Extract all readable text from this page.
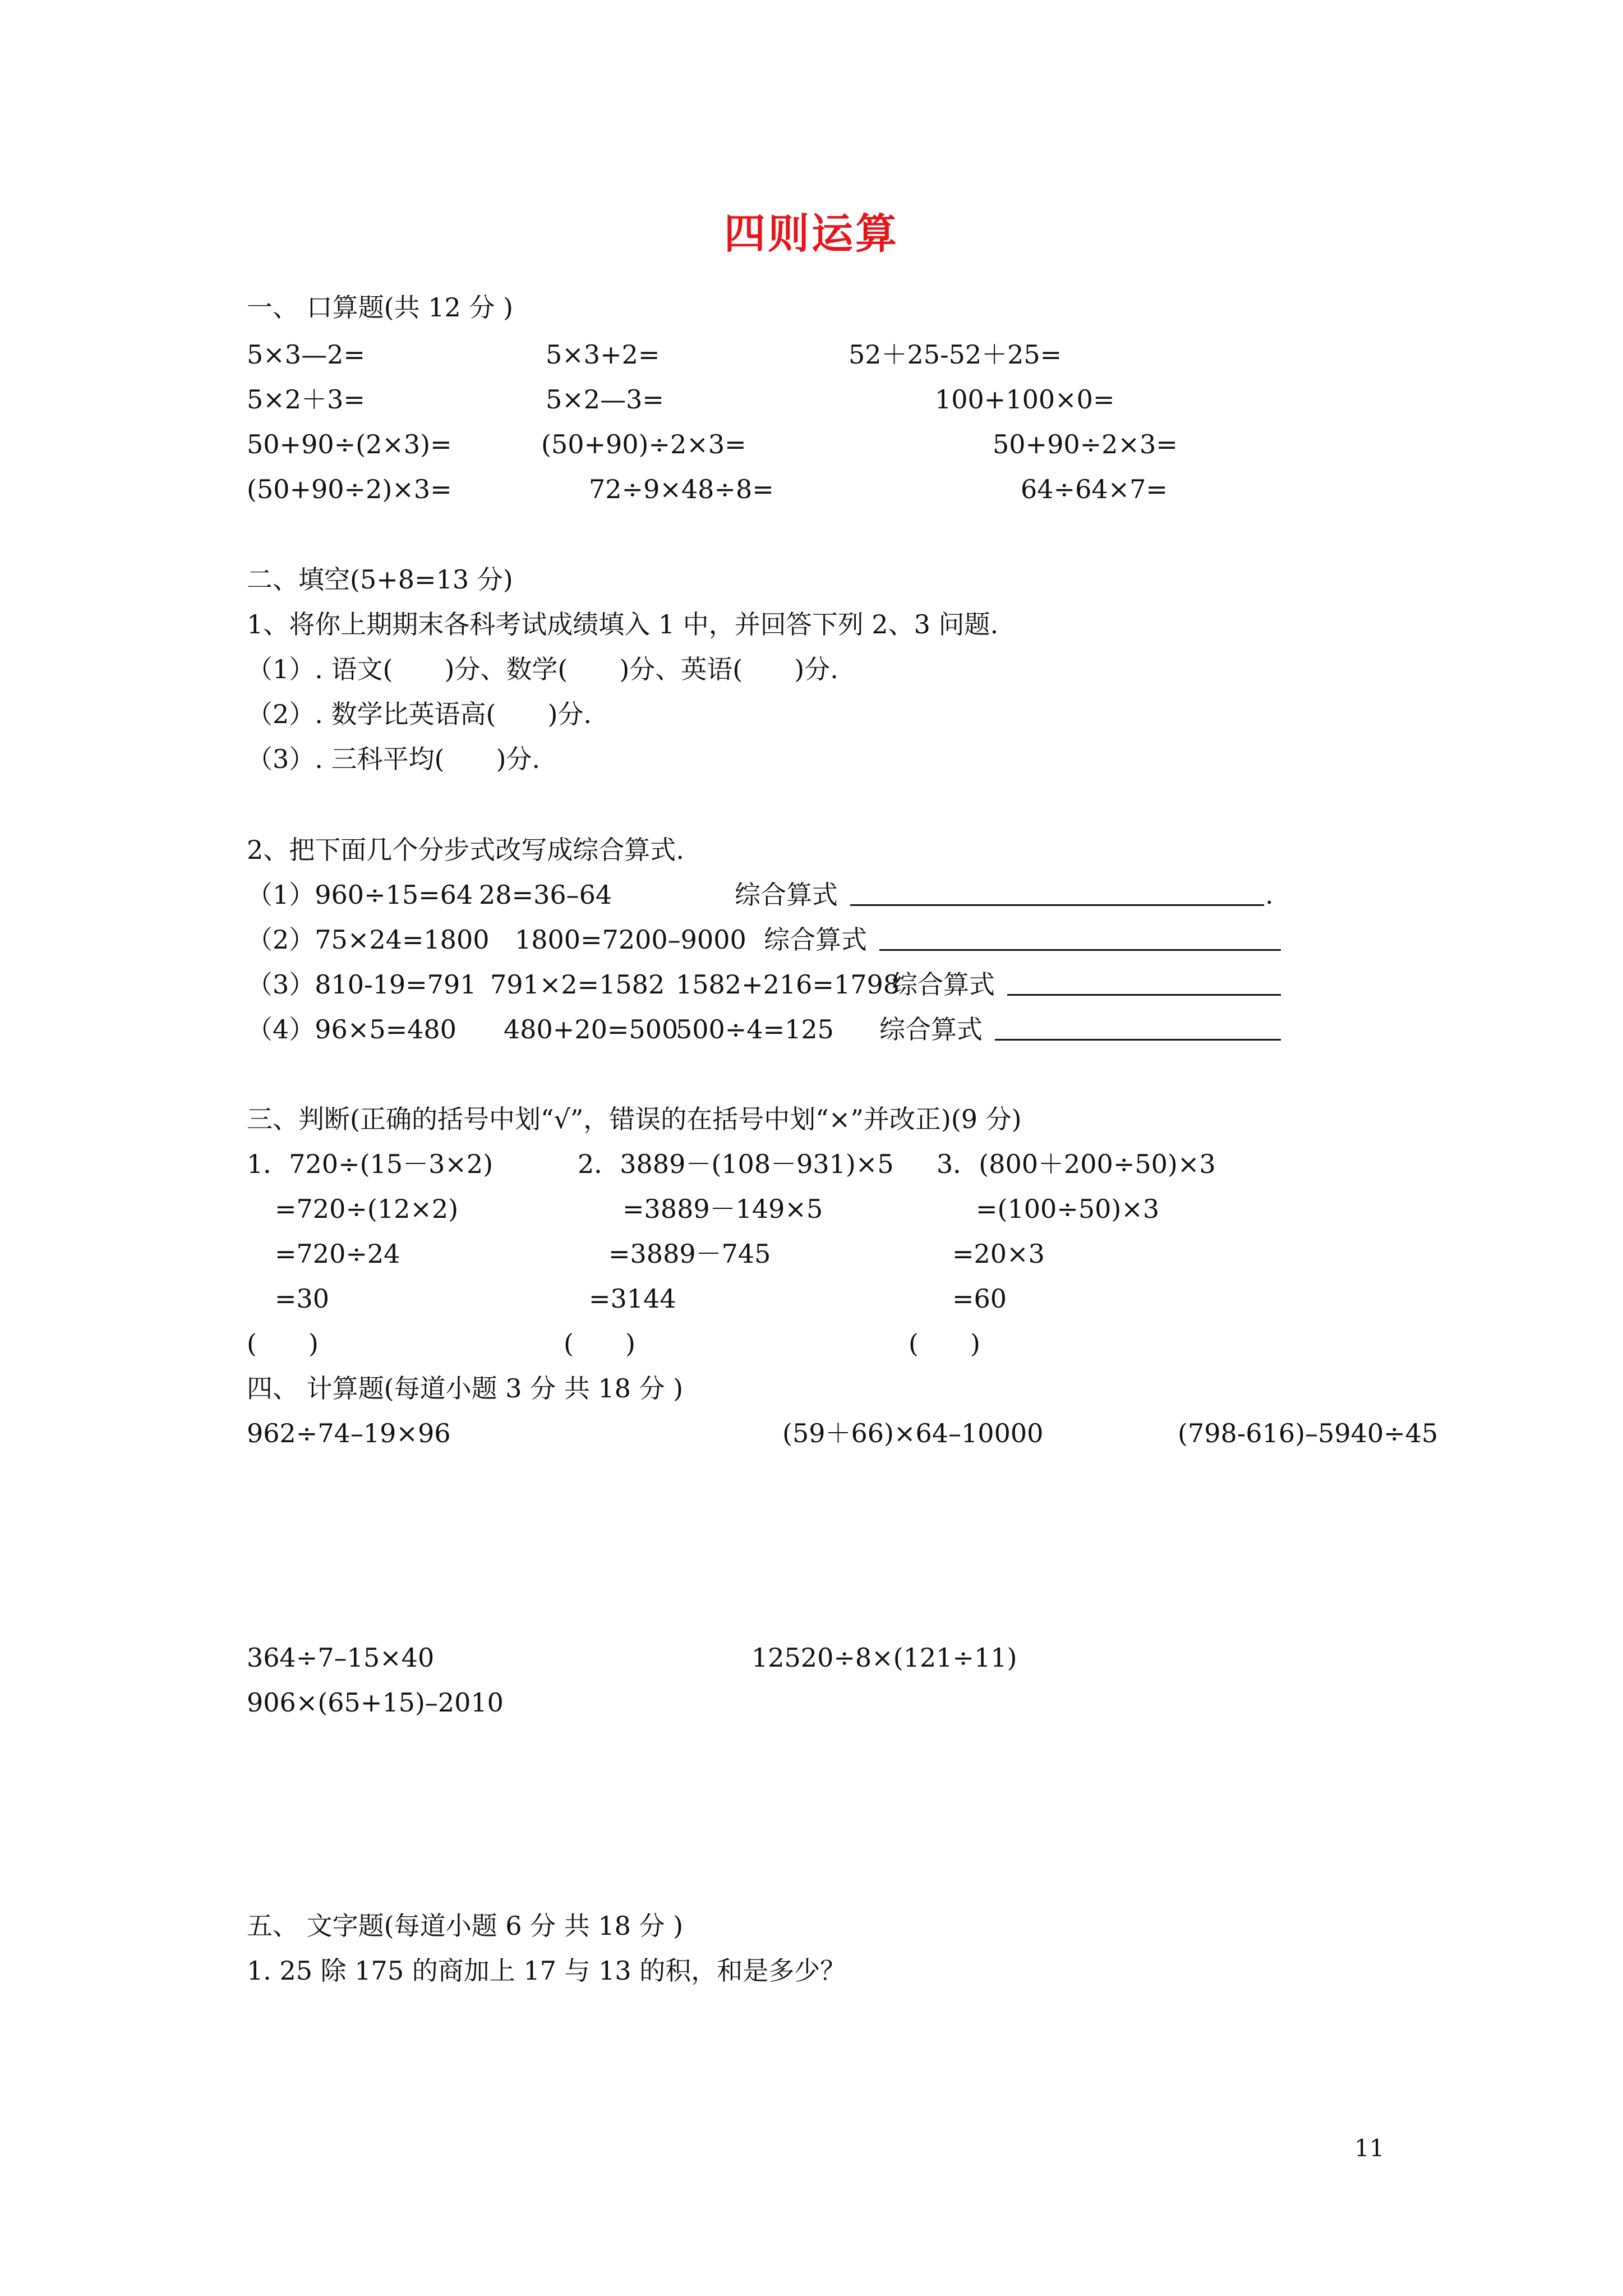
四则运算
一、 口算题(共 12 分 )
5×3—2=	5×3+2=	52＋25-52＋25=
5×2＋3=	5×2—3=	100+100×0=
50+90÷(2×3)=	(50+90)÷2×3=	50+90÷2×3=
(50+90÷2)×3=	72÷9×48÷8=	64÷64×7=
二、填空(5+8=13 分)
1、将你上期期末各科考试成绩填入 1 中，并回答下列 2、3 问题.
（1）. 语文(　　)分、数学(　　)分、英语(　　)分.
（2）. 数学比英语高(　　)分.
（3）. 三科平均(　　)分.
2、把下面几个分步式改写成综合算式.
（1）960÷15=64 28=36–64	综合算式	.
（2）75×24=1800 1800=7200–9000 综合算式
（3）810-19=791 791×2=1582 1582+216=1798
综合算式
（4）96×5=480 480+20=500
500÷4=125 综合算式
三、判断(正确的括号中划“√”，错误的在括号中划“×”并改正)(9 分)
1．720÷(15－3×2)
=720÷(12×2)
=720÷24
=30
(　　)
2．3889－(108－931)×5
=3889－149×5
=3889－745
=3144
(　　)
3．(800＋200÷50)×3
=(100÷50)×3
=20×3
=60
(　　)
四、 计算题(每道小题 3 分 共 18 分 )
962÷74–19×96	(59＋66)×64–10000	(798-616)–5940÷45
364÷7–15×40	12520÷8×(121÷11)
906×(65+15)–2010
五、 文字题(每道小题 6 分 共 18 分 )
1. 25 除 175 的商加上 17 与 13 的积，和是多少？
11
